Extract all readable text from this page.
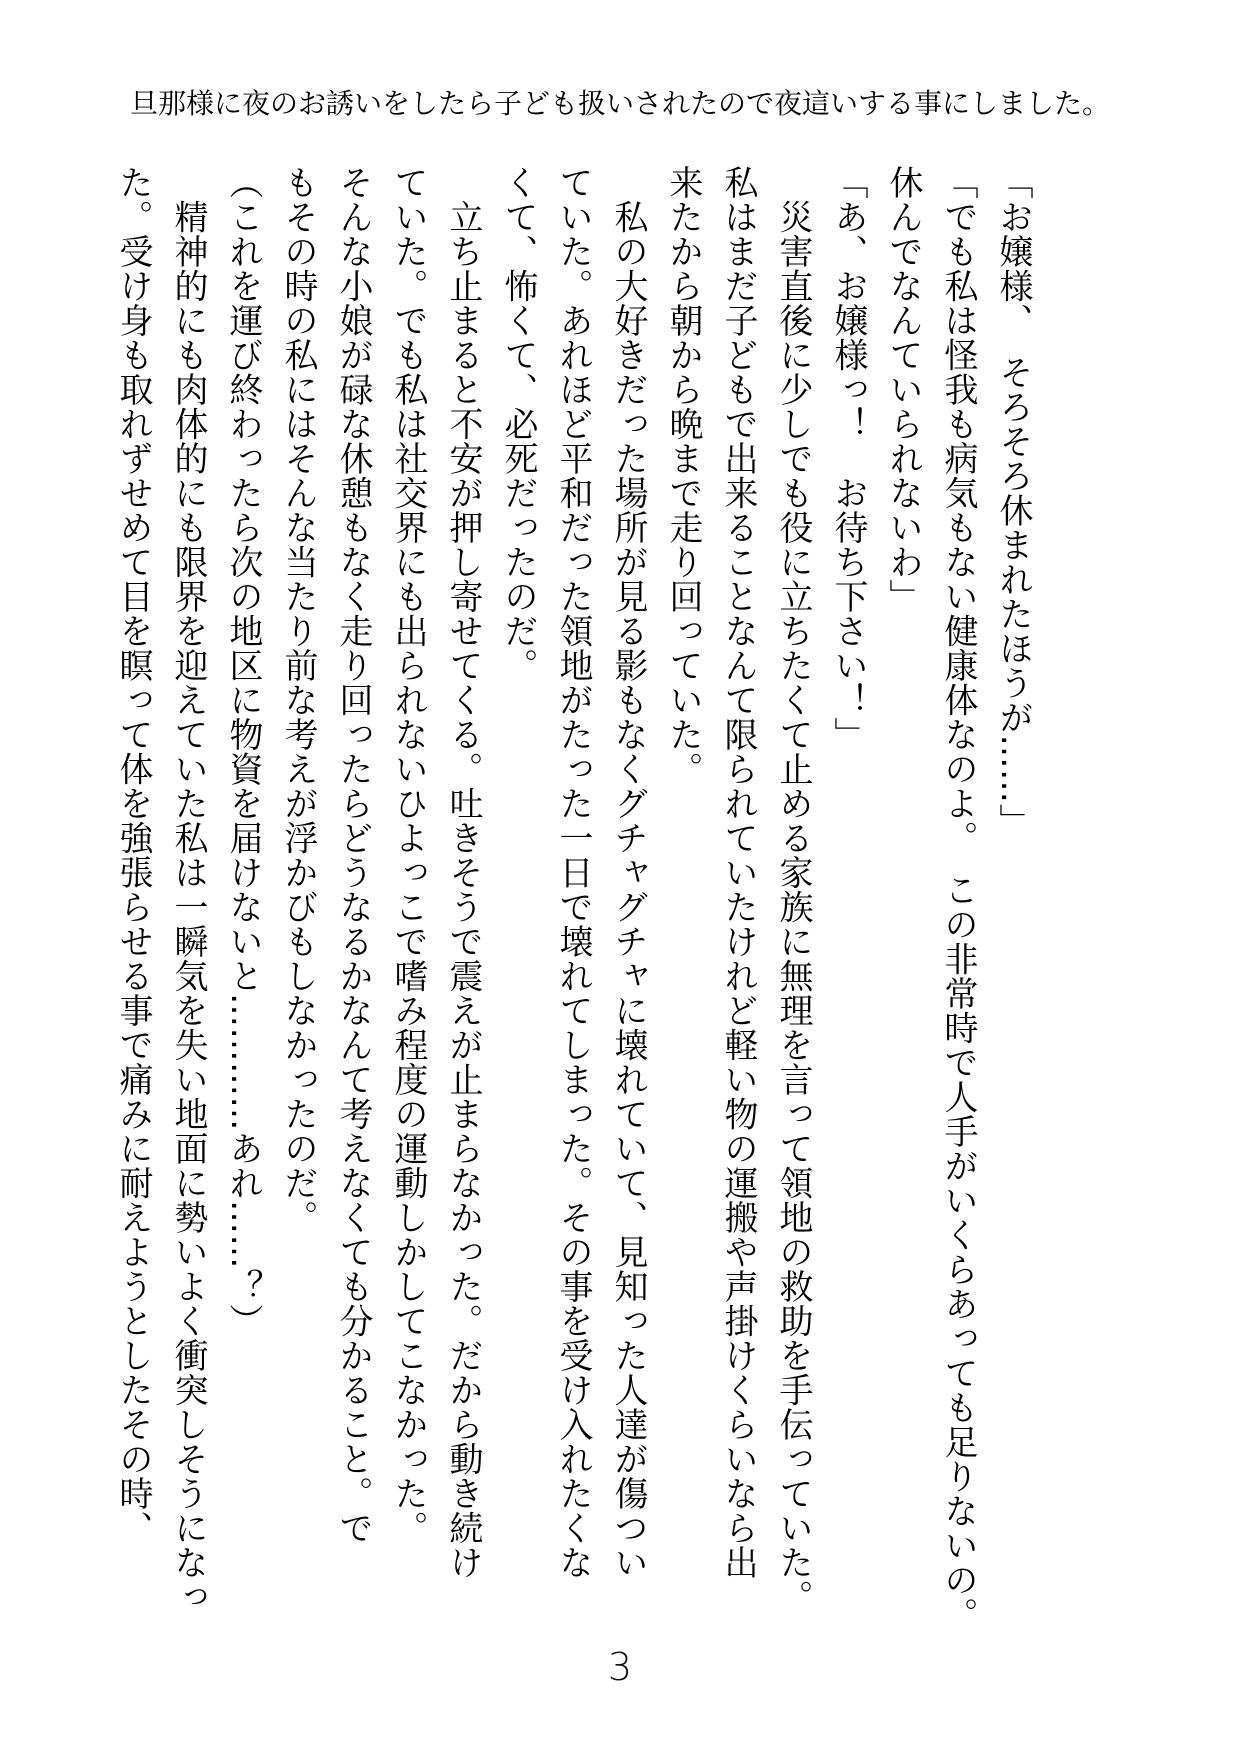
旦那様に夜のお誘いをしたら子ども扱いされたので夜這いする事にしました。
「お嬢様、　そろそろ休まれたほうが……」
「でも私は怪我も病気もない健康体なのよ。　この非常時で人手がいくらあっても足りないの。
休んでなんていられないわ」
「あ、お嬢様っ！　お待ち下さい！」
　災害直後に少しでも役に立ちたくて止める家族に無理を言って領地の救助を手伝っていた。
私はまだ子どもで出来ることなんて限られていたけれど軽い物の運搬や声掛けくらいなら出
来たから朝から晩まで走り回っていた。
　私の大好きだった場所が見る影もなくグチャグチャに壊れていて、見知った人達が傷つい
ていた。あれほど平和だった領地がたった一日で壊れてしまった。その事を受け入れたくな
くて、怖くて、必死だったのだ。
　立ち止まると不安が押し寄せてくる。吐きそうで震えが止まらなかった。だから動き続け
ていた。でも私は社交界にも出られないひよっこで嗜み程度の運動しかしてこなかった。
そんな小娘が碌な休憩もなく走り回ったらどうなるかなんて考えなくても分かること。で
もその時の私にはそんな当たり前な考えが浮かびもしなかったのだ。
（これを運び終わったら次の地区に物資を届けないと…………あれ……？）
　精神的にも肉体的にも限界を迎えていた私は一瞬気を失い地面に勢いよく衝突しそうになっ
た。受け身も取れずせめて目を瞑って体を強張らせる事で痛みに耐えようとしたその時、
3
